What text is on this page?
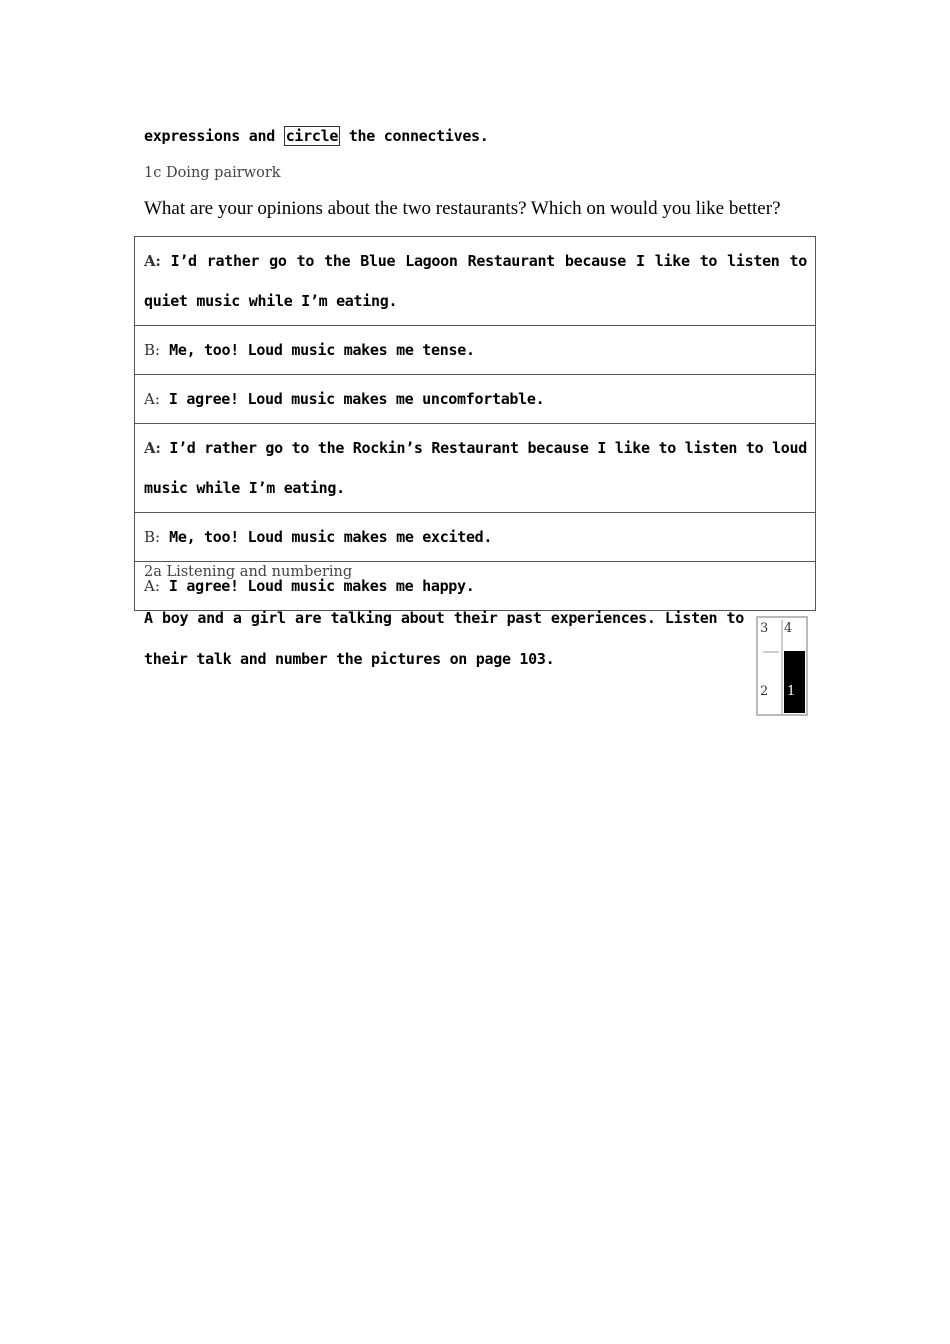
expressions and circle the connectives.
1c Doing pairwork
What are your opinions about the two restaurants? Which on would you like better?
A: I’d rather go to the Blue Lagoon Restaurant because I like to listen to quiet music while I’m eating.

B: Me, too! Loud music makes me tense.
A: I agree! Loud music makes me uncomfortable.

A: I’d rather go to the Rockin’s Restaurant because I like to listen to loud music while I’m eating.

B: Me, too! Loud music makes me excited.
A: I agree! Loud music makes me happy.
2a Listening and numbering
A boy and a girl are talking about their past experiences. Listen to their talk and number the pictures on page 103.
3 4
2 1
